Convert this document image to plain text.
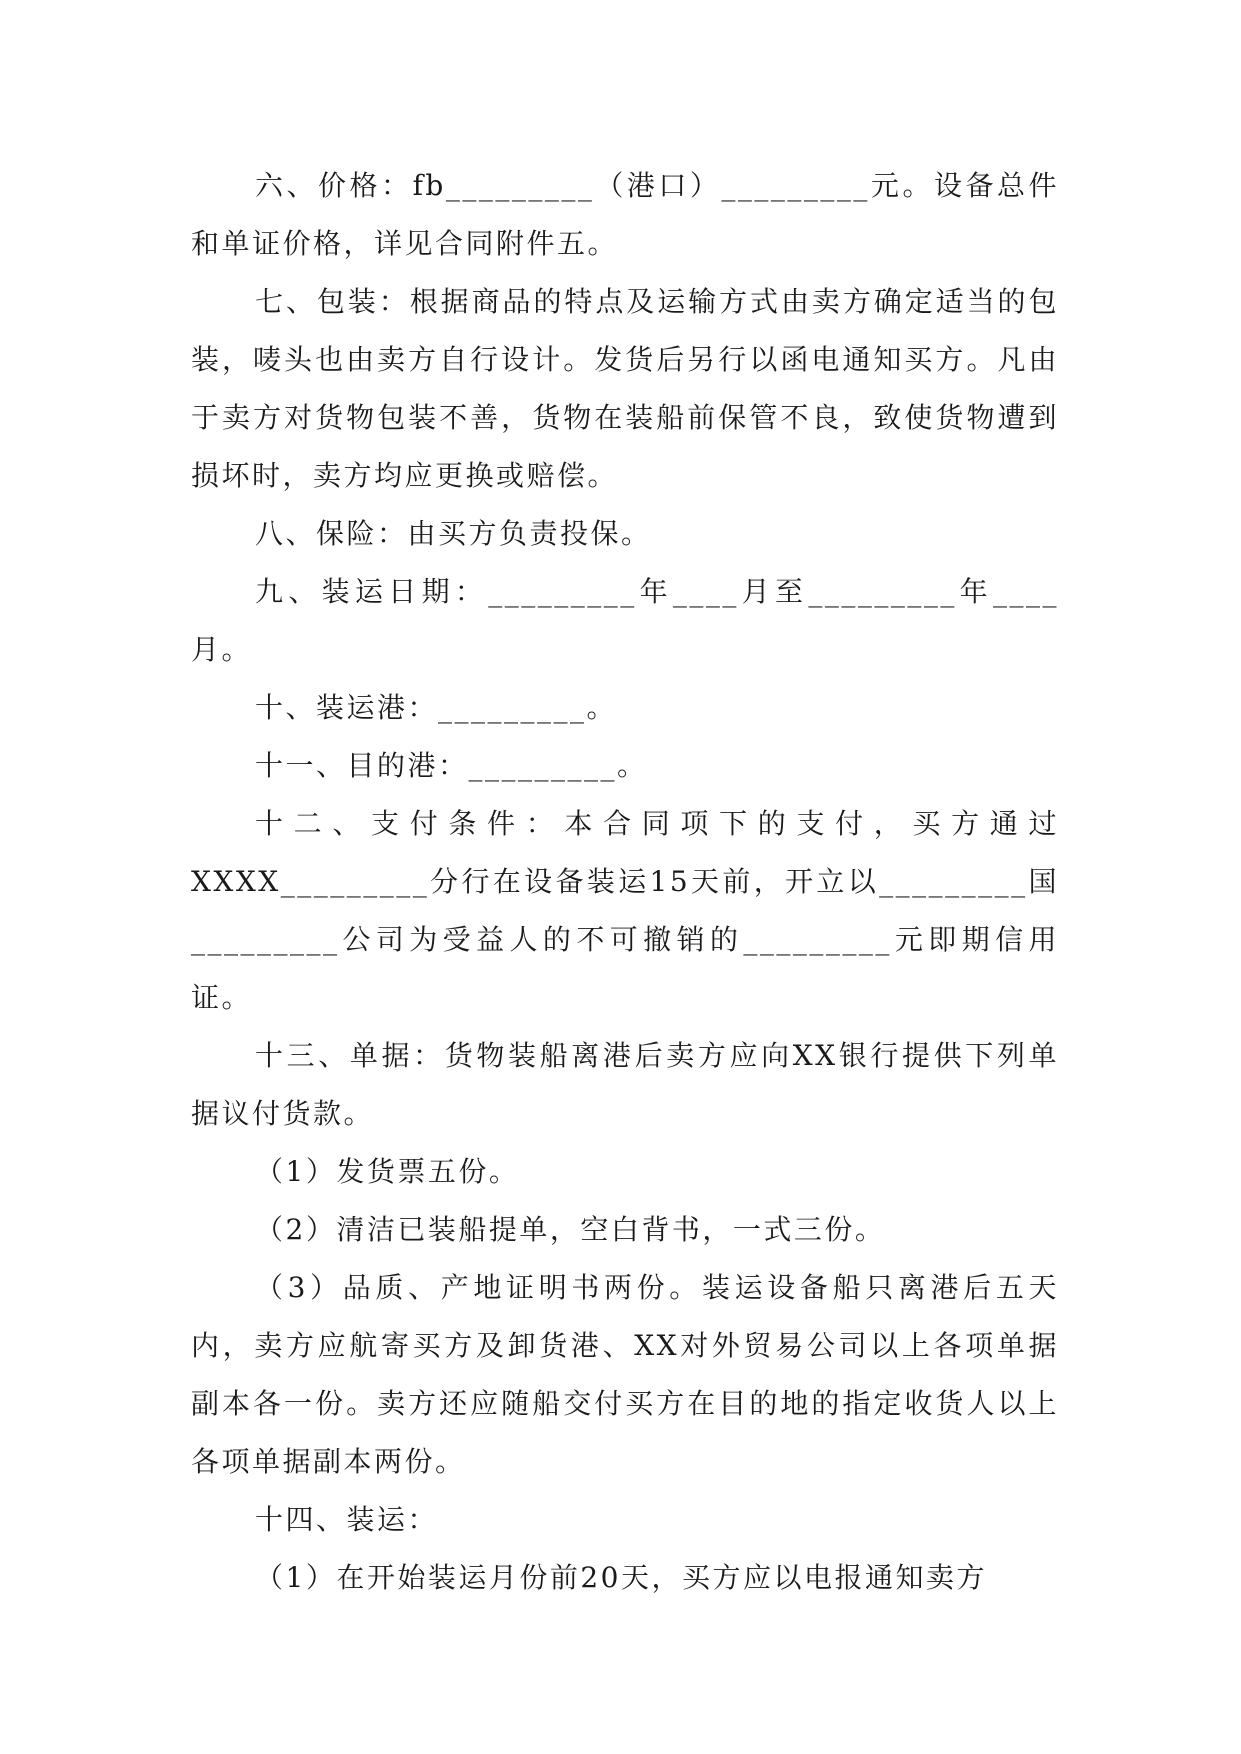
六、价格：fb_________（港口）_________元。设备总件和单证价格，详见合同附件五。

七、包装：根据商品的特点及运输方式由卖方确定适当的包装，唛头也由卖方自行设计。发货后另行以函电通知买方。凡由于卖方对货物包装不善，货物在装船前保管不良，致使货物遭到损坏时，卖方均应更换或赔偿。

八、保险：由买方负责投保。

九、装运日期：_________年____月至_________年____月。

十、装运港：_________。

十一、目的港：_________。

十二、支付条件：本合同项下的支付，买方通过XXXX_________分行在设备装运15天前，开立以_________国_________公司为受益人的不可撤销的_________元即期信用证。

十三、单据：货物装船离港后卖方应向XX银行提供下列单据议付货款。

（1）发货票五份。

（2）清洁已装船提单，空白背书，一式三份。

（3）品质、产地证明书两份。装运设备船只离港后五天内，卖方应航寄买方及卸货港、XX对外贸易公司以上各项单据副本各一份。卖方还应随船交付买方在目的地的指定收货人以上各项单据副本两份。

十四、装运：

（1）在开始装运月份前20天，买方应以电报通知卖方
